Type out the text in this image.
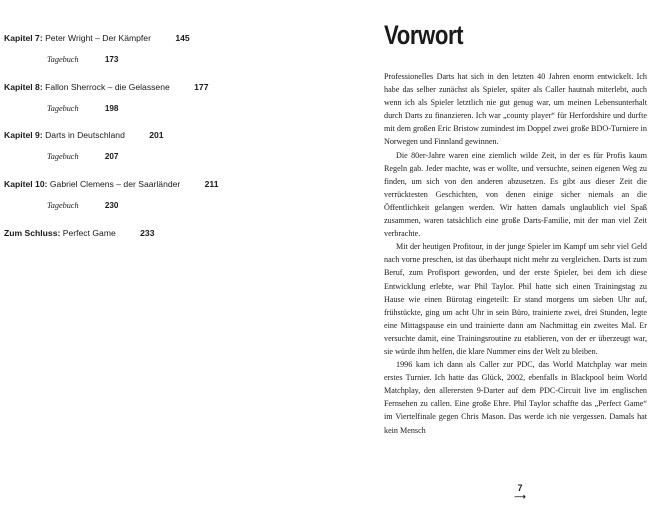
Kapitel 7: Peter Wright – Der Kämpfer	145
Tagebuch	173
Kapitel 8: Fallon Sherrock – die Gelassene	177
Tagebuch	198
Kapitel 9: Darts in Deutschland	201
Tagebuch	207
Kapitel 10: Gabriel Clemens – der Saarländer	211
Tagebuch	230
Zum Schluss: Perfect Game	233
Vorwort

Professionelles Darts hat sich in den letzten 40 Jahren enorm entwickelt. Ich habe das selber zunächst als Spieler, später als Caller hautnah miterlebt, auch wenn ich als Spieler letztlich nie gut genug war, um meinen Lebensunterhalt durch Darts zu finanzieren. Ich war „county player“ für Herfordshire und durfte mit dem großen Eric Bristow zumindest im Doppel zwei große BDO-Turniere in Norwegen und Finnland gewinnen.

Die 80er-Jahre waren eine ziemlich wilde Zeit, in der es für Profis kaum Regeln gab. Jeder machte, was er wollte, und versuchte, seinen eigenen Weg zu finden, um sich von den anderen abzusetzen. Es gibt aus dieser Zeit die verrücktesten Geschichten, von denen einige sicher niemals an die Öffentlichkeit gelangen werden. Wir hatten damals unglaublich viel Spaß zusammen, waren tatsächlich eine große Darts-Familie, mit der man viel Zeit verbrachte.

Mit der heutigen Profitour, in der junge Spieler im Kampf um sehr viel Geld nach vorne preschen, ist das überhaupt nicht mehr zu vergleichen. Darts ist zum Beruf, zum Profisport geworden, und der erste Spieler, bei dem ich diese Entwicklung erlebte, war Phil Taylor. Phil hatte sich einen Trainingstag zu Hause wie einen Bürotag eingeteilt: Er stand morgens um sieben Uhr auf, frühstückte, ging um acht Uhr in sein Büro, trainierte zwei, drei Stunden, legte eine Mittagspause ein und trainierte dann am Nachmittag ein zweites Mal. Er versuchte damit, eine Trainingsroutine zu etablieren, von der er überzeugt war, sie würde ihm helfen, die klare Nummer eins der Welt zu bleiben.

1996 kam ich dann als Caller zur PDC, das World Matchplay war mein erstes Turnier. Ich hatte das Glück, 2002, ebenfalls in Blackpool beim World Matchplay, den allerersten 9-Darter auf dem PDC-Circuit live im englischen Fernsehen zu callen. Eine große Ehre. Phil Taylor schaffte das „Perfect Game“ im Viertelfinale gegen Chris Mason. Das werde ich nie vergessen. Damals hat kein Mensch

7
⟶
